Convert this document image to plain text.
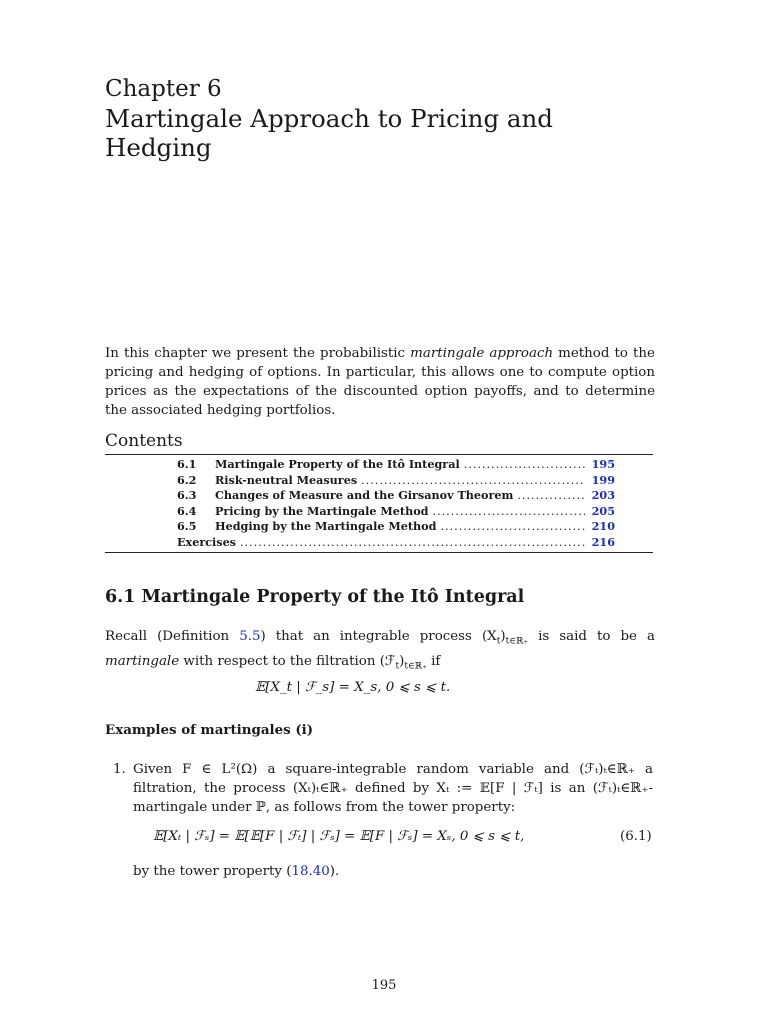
Chapter 6
Martingale Approach to Pricing and Hedging
In this chapter we present the probabilistic martingale approach method to the pricing and hedging of options. In particular, this allows one to compute option prices as the expectations of the discounted option payoffs, and to determine the associated hedging portfolios.
Contents
6.1	Martingale Property of the Itô Integral .....	195
6.2	Risk-neutral Measures .....	199
6.3	Changes of Measure and the Girsanov Theorem .....	203
6.4	Pricing by the Martingale Method .....	205
6.5	Hedging by the Martingale Method .....	210
Exercises .....	216
6.1 Martingale Property of the Itô Integral
Recall (Definition 5.5) that an integrable process $(X_t)_{t\in ℝ_+}$ is said to be a martingale with respect to the filtration $(ℱ_t)_{t\in ℝ_+}$ if
𝔼[X_t | ℱ_s] = X_s, 0 ⩽ s ⩽ t.
Examples of martingales (i)
1. Given F ∈ L²(Ω) a square-integrable random variable and (ℱₜ)ₜ∈ℝ₊ a filtration, the process (Xₜ)ₜ∈ℝ₊ defined by Xₜ := 𝔼[F | ℱₜ] is an (ℱₜ)ₜ∈ℝ₊-martingale under ℙ, as follows from the tower property:
𝔼[Xₜ | ℱₛ] = 𝔼[𝔼[F | ℱₜ] | ℱₛ] = 𝔼[F | ℱₛ] = Xₛ, 0 ⩽ s ⩽ t,	(6.1)
by the tower property (18.40).
195
